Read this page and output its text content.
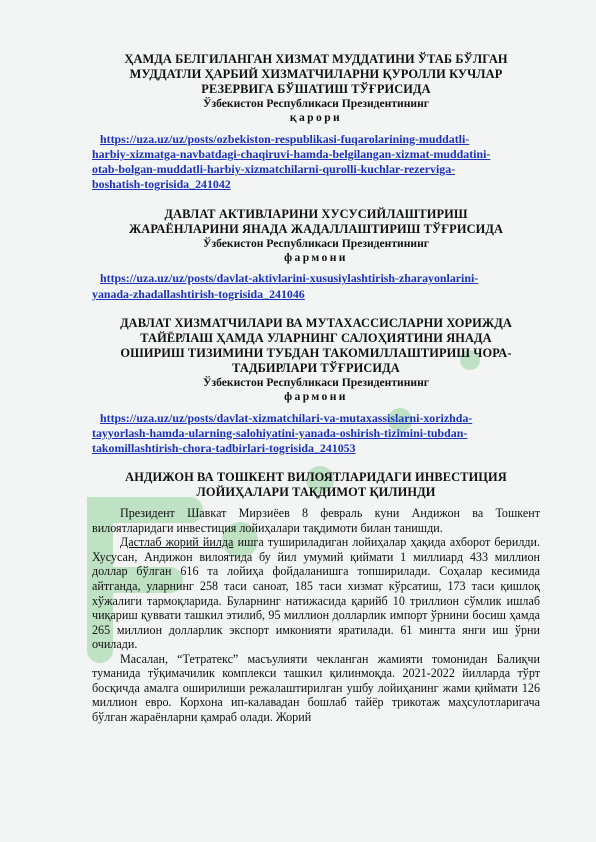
ҲАМДА БЕЛГИЛАНГАН ХИЗМАТ МУДДАТИНИ ЎТАБ БЎЛГАН
МУДДАТЛИ ҲАРБИЙ ХИЗМАТЧИЛАРНИ ҚУРОЛЛИ КУЧЛАР
РЕЗЕРВИГА БЎШАТИШ ТЎҒРИСИДА

Ўзбекистон Республикаси Президентининг

қарори

https://uza.uz/uz/posts/ozbekiston-respublikasi-fuqarolarining-muddatli-
harbiy-xizmatga-navbatdagi-chaqiruvi-hamda-belgilangan-xizmat-muddatini-
otab-bolgan-muddatli-harbiy-xizmatchilarni-qurolli-kuchlar-rezerviga-
boshatish-togrisida_241042

ДАВЛАТ АКТИВЛАРИНИ ХУСУСИЙЛАШТИРИШ
ЖАРАЁНЛАРИНИ ЯНАДА ЖАДАЛЛАШТИРИШ ТЎҒРИСИДА

Ўзбекистон Республикаси Президентининг

фармони

https://uza.uz/uz/posts/davlat-aktivlarini-xususiylashtirish-zharayonlarini-
yanada-zhadallashtirish-togrisida_241046

ДАВЛАТ ХИЗМАТЧИЛАРИ ВА МУТАХАССИСЛАРНИ ХОРИЖДА
ТАЙЁРЛАШ ҲАМДА УЛАРНИНГ САЛОҲИЯТИНИ ЯНАДА
ОШИРИШ ТИЗИМИНИ ТУБДАН ТАКОМИЛЛАШТИРИШ ЧОРА-
ТАДБИРЛАРИ ТЎҒРИСИДА

Ўзбекистон Республикаси Президентининг

фармони

https://uza.uz/uz/posts/davlat-xizmatchilari-va-mutaxassislarni-xorizhda-
tayyorlash-hamda-ularning-salohiyatini-yanada-oshirish-tizimini-tubdan-
takomillashtirish-chora-tadbirlari-togrisida_241053

АНДИЖОН ВА ТОШКЕНТ ВИЛОЯТЛАРИДАГИ ИНВЕСТИЦИЯ
ЛОЙИҲАЛАРИ ТАҚДИМОТ ҚИЛИНДИ

Президент Шавкат Мирзиёев 8 февраль куни Андижон ва Тошкент вилоятларидаги инвестиция лойиҳалари тақдимоти билан танишди.

Дастлаб жорий йилда ишга тушириладиган лойиҳалар ҳақида ахборот берилди. Хусусан, Андижон вилоятида бу йил умумий қиймати 1 миллиард 433 миллион доллар бўлган 616 та лойиҳа фойдаланишга топширилади. Соҳалар кесимида айтганда, уларнинг 258 таси саноат, 185 таси хизмат кўрсатиш, 173 таси қишлоқ хўжалиги тармоқларида. Буларнинг натижасида қарийб 10 триллион сўмлик ишлаб чиқариш қуввати ташкил этилиб, 95 миллион долларлик импорт ўрнини босиш ҳамда 265 миллион долларлик экспорт имконияти яратилади. 61 мингта янги иш ўрни очилади.

Масалан, “Тетратекс” масъулияти чекланган жамияти томонидан Балиқчи туманида тўқимачилик комплекси ташкил қилинмоқда. 2021-2022 йилларда тўрт босқичда амалга оширилиши режалаштирилган ушбу лойиҳанинг жами қиймати 126 миллион евро. Корхона ип-калавадан бошлаб тайёр трикотаж маҳсулотларигача бўлган жараёнларни қамраб олади. Жорий
